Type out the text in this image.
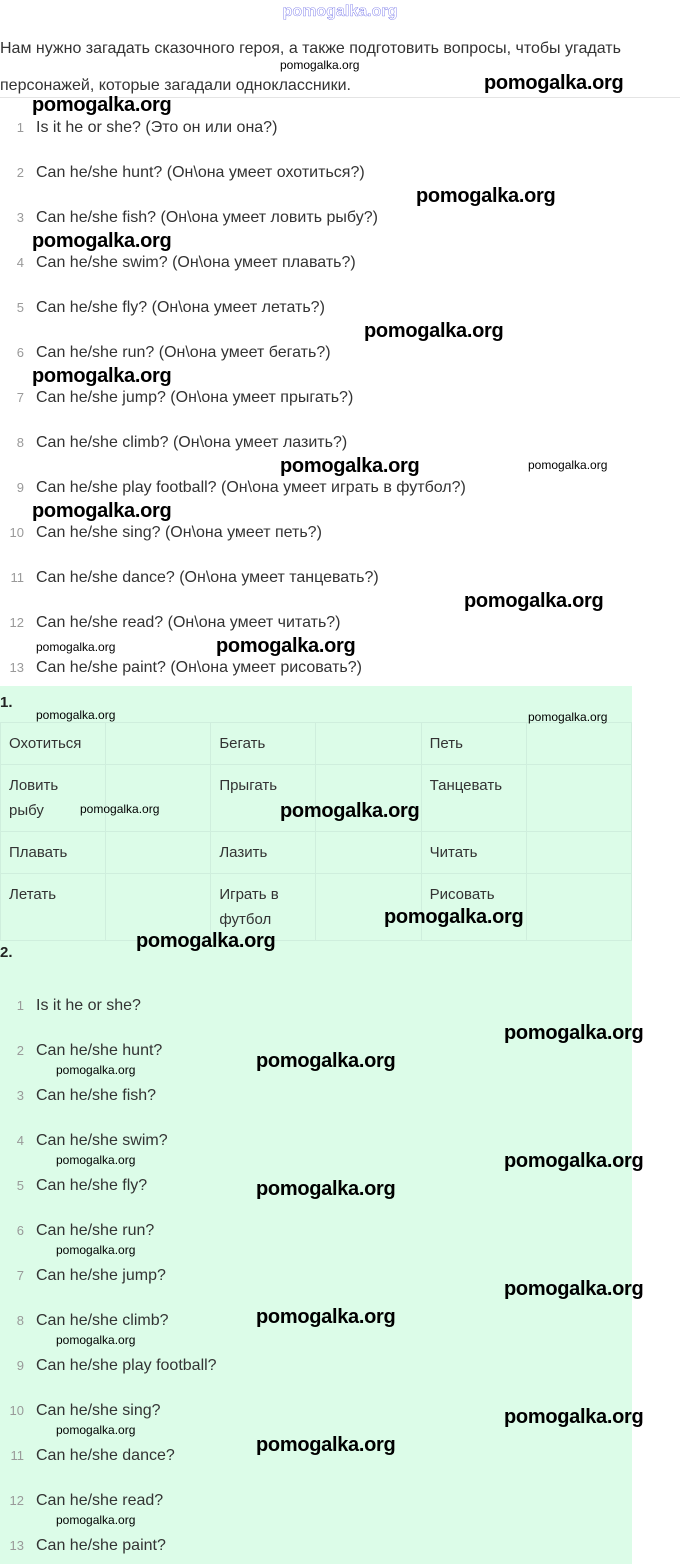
pomogalka.org
Нам нужно загадать сказочного героя, а также подготовить вопросы, чтобы угадать персонажей, которые загадали одноклассники.
1 Is it he or she? (Это он или она?)
2 Can he/she hunt? (Он\она умеет охотиться?)
3 Can he/she fish? (Он\она умеет ловить рыбу?)
4 Can he/she swim? (Он\она умеет плавать?)
5 Can he/she fly? (Он\она умеет летать?)
6 Can he/she run? (Он\она умеет бегать?)
7 Can he/she jump? (Он\она умеет прыгать?)
8 Can he/she climb? (Он\она умеет лазить?)
9 Can he/she play football? (Он\она умеет играть в футбол?)
10 Can he/she sing? (Он\она умеет петь?)
11 Can he/she dance? (Он\она умеет танцевать?)
12 Can he/she read? (Он\она умеет читать?)
13 Can he/she paint? (Он\она умеет рисовать?)
1.
Охотиться		Бегать		Петь	
Ловить рыбу		Прыгать		Танцевать	
Плавать		Лазить		Читать	
Летать		Играть в футбол		Рисовать	
2.
1 Is it he or she?
2 Can he/she hunt?
3 Can he/she fish?
4 Can he/she swim?
5 Can he/she fly?
6 Can he/she run?
7 Can he/she jump?
8 Can he/she climb?
9 Can he/she play football?
10 Can he/she sing?
11 Can he/she dance?
12 Can he/she read?
13 Can he/she paint?
pomogalka.org
pomogalka.org
pomogalka.org
pomogalka.org
pomogalka.org
pomogalka.org
pomogalka.org
pomogalka.org	pomogalka.org
pomogalka.org
pomogalka.org
pomogalka.org	pomogalka.org
pomogalka.org	pomogalka.org
pomogalka.org
pomogalka.org
pomogalka.org
pomogalka.org
pomogalka.org
pomogalka.org
pomogalka.org
pomogalka.org	pomogalka.org
pomogalka.org
pomogalka.org
pomogalka.org
pomogalka.org
pomogalka.org
pomogalka.org
pomogalka.org
pomogalka.org
pomogalka.org
